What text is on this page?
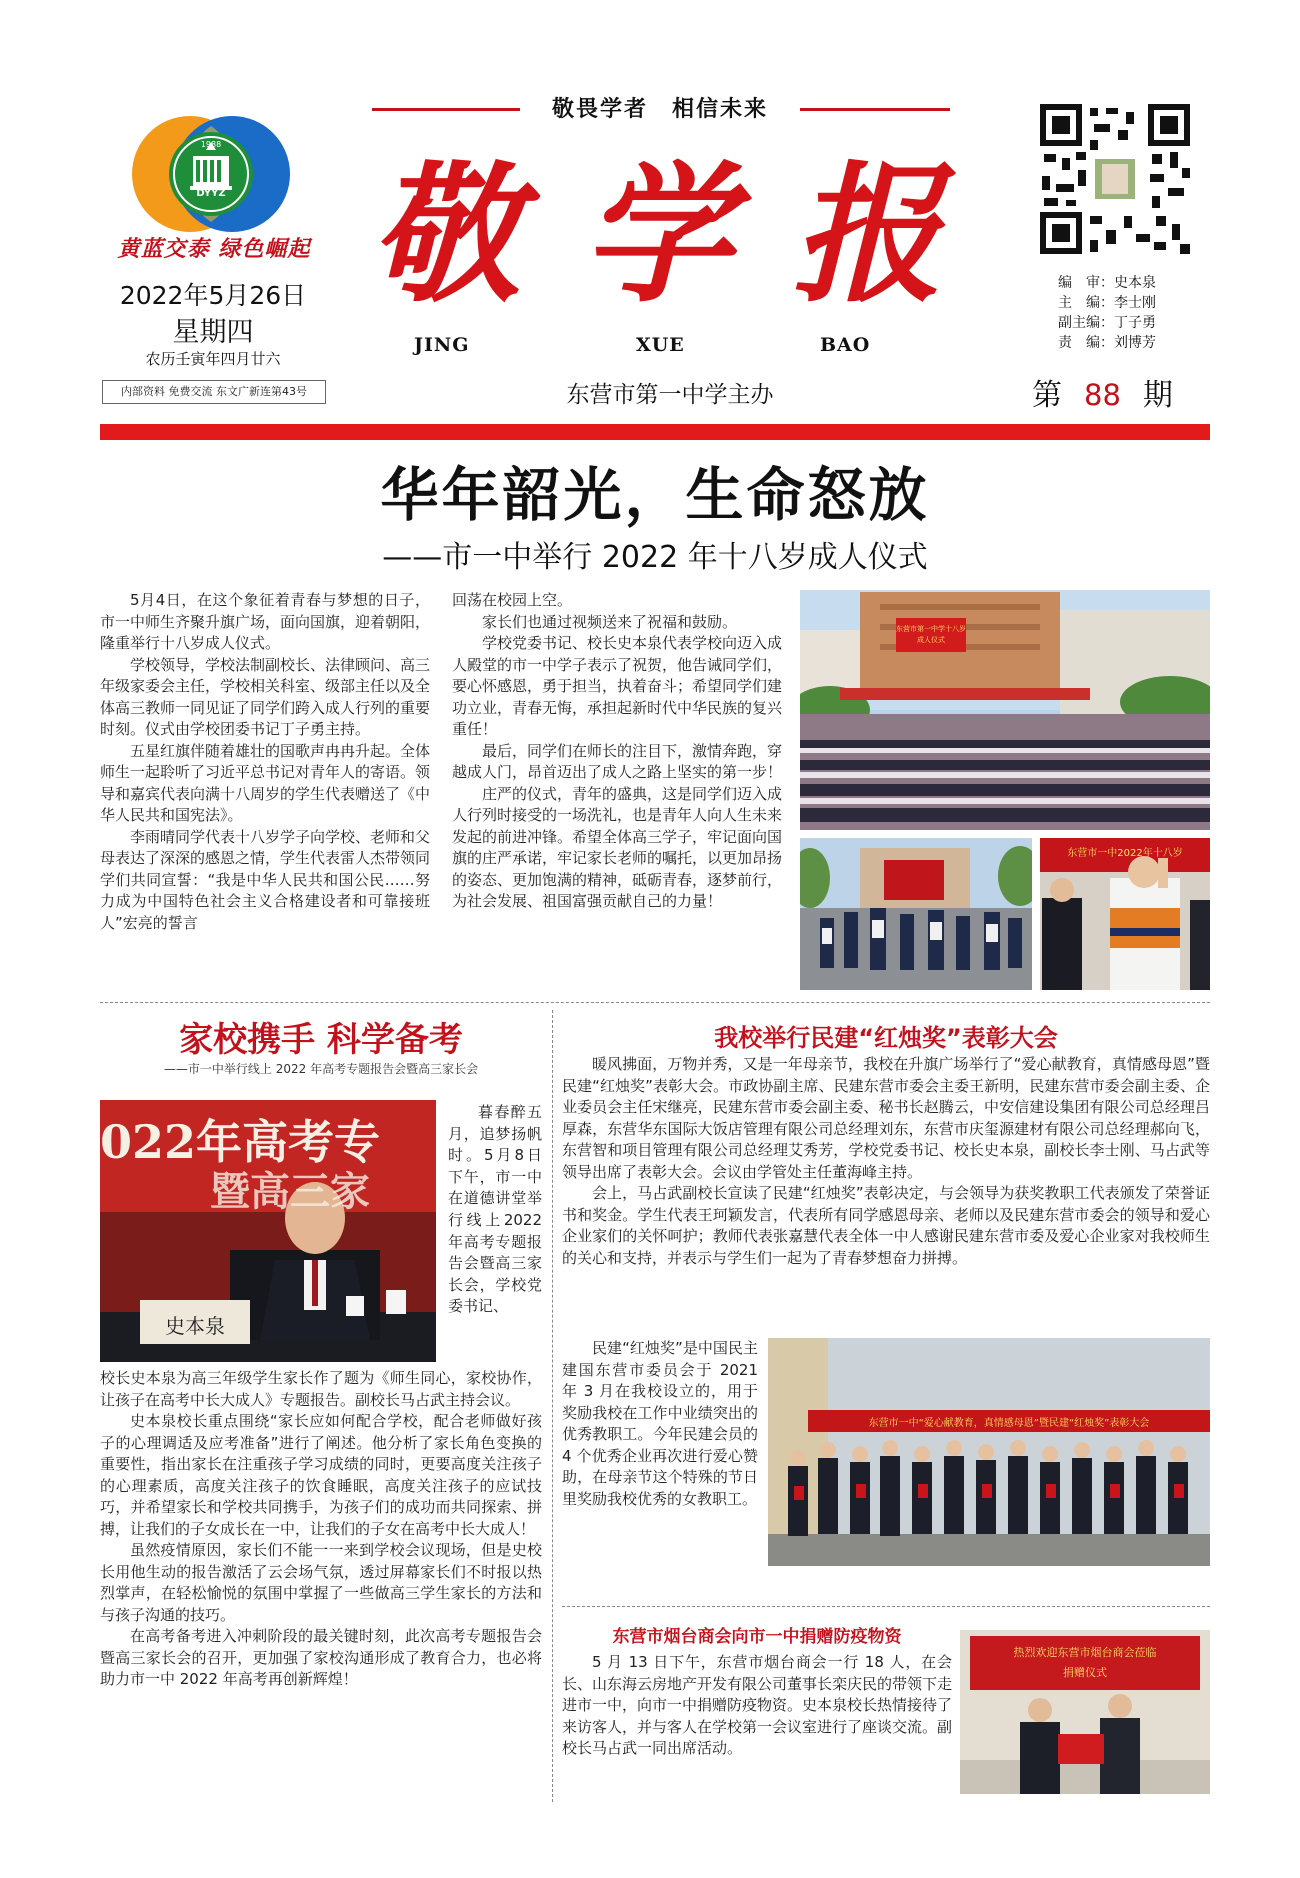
1988
DYYZ
黄蓝交泰 绿色崛起
2022年5月26日
星期四
农历壬寅年四月廿六
内部资料 免费交流 东文广新连第43号
敬畏学者　相信未来
敬 学 报
JING	XUE	BAO
东营市第一中学主办
编　审：史本泉
主　编：李士刚
副主编：丁子勇
责　编：刘博芳
第 88 期
华年韶光，生命怒放
——市一中举行 2022 年十八岁成人仪式

5月4日，在这个象征着青春与梦想的日子，市一中师生齐聚升旗广场，面向国旗，迎着朝阳，隆重举行十八岁成人仪式。

学校领导，学校法制副校长、法律顾问、高三年级家委会主任，学校相关科室、级部主任以及全体高三教师一同见证了同学们跨入成人行列的重要时刻。仪式由学校团委书记丁子勇主持。

五星红旗伴随着雄壮的国歌声冉冉升起。全体师生一起聆听了习近平总书记对青年人的寄语。领导和嘉宾代表向满十八周岁的学生代表赠送了《中华人民共和国宪法》。

李雨晴同学代表十八岁学子向学校、老师和父母表达了深深的感恩之情，学生代表雷人杰带领同学们共同宣誓：“我是中华人民共和国公民……努力成为中国特色社会主义合格建设者和可靠接班人”宏亮的誓言

回荡在校园上空。

家长们也通过视频送来了祝福和鼓励。

学校党委书记、校长史本泉代表学校向迈入成人殿堂的市一中学子表示了祝贺，他告诫同学们，要心怀感恩，勇于担当，执着奋斗；希望同学们建功立业，青春无悔，承担起新时代中华民族的复兴重任！

最后，同学们在师长的注目下，激情奔跑，穿越成人门，昂首迈出了成人之路上坚实的第一步！

庄严的仪式，青年的盛典，这是同学们迈入成人行列时接受的一场洗礼，也是青年人向人生未来发起的前进冲锋。希望全体高三学子，牢记面向国旗的庄严承诺，牢记家长老师的嘱托，以更加昂扬的姿态、更加饱满的精神，砥砺青春，逐梦前行，为社会发展、祖国富强贡献自己的力量！

东营市第一中学十八岁成人仪式
东营市一中2022年十八岁
家校携手 科学备考
——市一中举行线上 2022 年高考专题报告会暨高三家长会
022年高考专
暨高三家
史本泉
暮春醉五月，追梦扬帆时。5月8日下午，市一中在道德讲堂举行线上2022年高考专题报告会暨高三家长会，学校党委书记、
校长史本泉为高三年级学生家长作了题为《师生同心，家校协作，让孩子在高考中长大成人》专题报告。副校长马占武主持会议。

史本泉校长重点围绕“家长应如何配合学校，配合老师做好孩子的心理调适及应考准备”进行了阐述。他分析了家长角色变换的重要性，指出家长在注重孩子学习成绩的同时，更要高度关注孩子的心理素质，高度关注孩子的饮食睡眠，高度关注孩子的应试技巧，并希望家长和学校共同携手，为孩子们的成功而共同探索、拼搏，让我们的子女成长在一中，让我们的子女在高考中长大成人！

虽然疫情原因，家长们不能一一来到学校会议现场，但是史校长用他生动的报告激活了云会场气氛，透过屏幕家长们不时报以热烈掌声，在轻松愉悦的氛围中掌握了一些做高三学生家长的方法和与孩子沟通的技巧。

在高考备考进入冲刺阶段的最关键时刻，此次高考专题报告会暨高三家长会的召开，更加强了家校沟通形成了教育合力，也必将助力市一中 2022 年高考再创新辉煌！

我校举行民建“红烛奖”表彰大会

暖风拂面，万物并秀，又是一年母亲节，我校在升旗广场举行了“爱心献教育，真情感母恩”暨民建“红烛奖”表彰大会。市政协副主席、民建东营市委会主委王新明，民建东营市委会副主委、企业委员会主任宋继亮，民建东营市委会副主委、秘书长赵腾云，中安信建设集团有限公司总经理吕厚森，东营华东国际大饭店管理有限公司总经理刘东，东营市庆玺源建材有限公司总经理郝向飞，东营智和项目管理有限公司总经理艾秀芳，学校党委书记、校长史本泉，副校长李士刚、马占武等领导出席了表彰大会。会议由学管处主任董海峰主持。

会上，马占武副校长宣读了民建“红烛奖”表彰决定，与会领导为获奖教职工代表颁发了荣誉证书和奖金。学生代表王珂颖发言，代表所有同学感恩母亲、老师以及民建东营市委会的领导和爱心企业家们的关怀呵护；教师代表张嘉慧代表全体一中人感谢民建东营市委及爱心企业家对我校师生的关心和支持，并表示与学生们一起为了青春梦想奋力拼搏。

民建“红烛奖”是中国民主建国东营市委员会于 2021 年 3 月在我校设立的，用于奖励我校在工作中业绩突出的优秀教职工。今年民建会员的 4 个优秀企业再次进行爱心赞助，在母亲节这个特殊的节日里奖励我校优秀的女教职工。
东营市一中“爱心献教育，真情感母恩”暨民建“红烛奖”表彰大会
东营市烟台商会向市一中捐赠防疫物资
5 月 13 日下午，东营市烟台商会一行 18 人，在会长、山东海云房地产开发有限公司董事长栾庆民的带领下走进市一中，向市一中捐赠防疫物资。史本泉校长热情接待了来访客人，并与客人在学校第一会议室进行了座谈交流。副校长马占武一同出席活动。
热烈欢迎东营市烟台商会莅临
捐赠仪式
